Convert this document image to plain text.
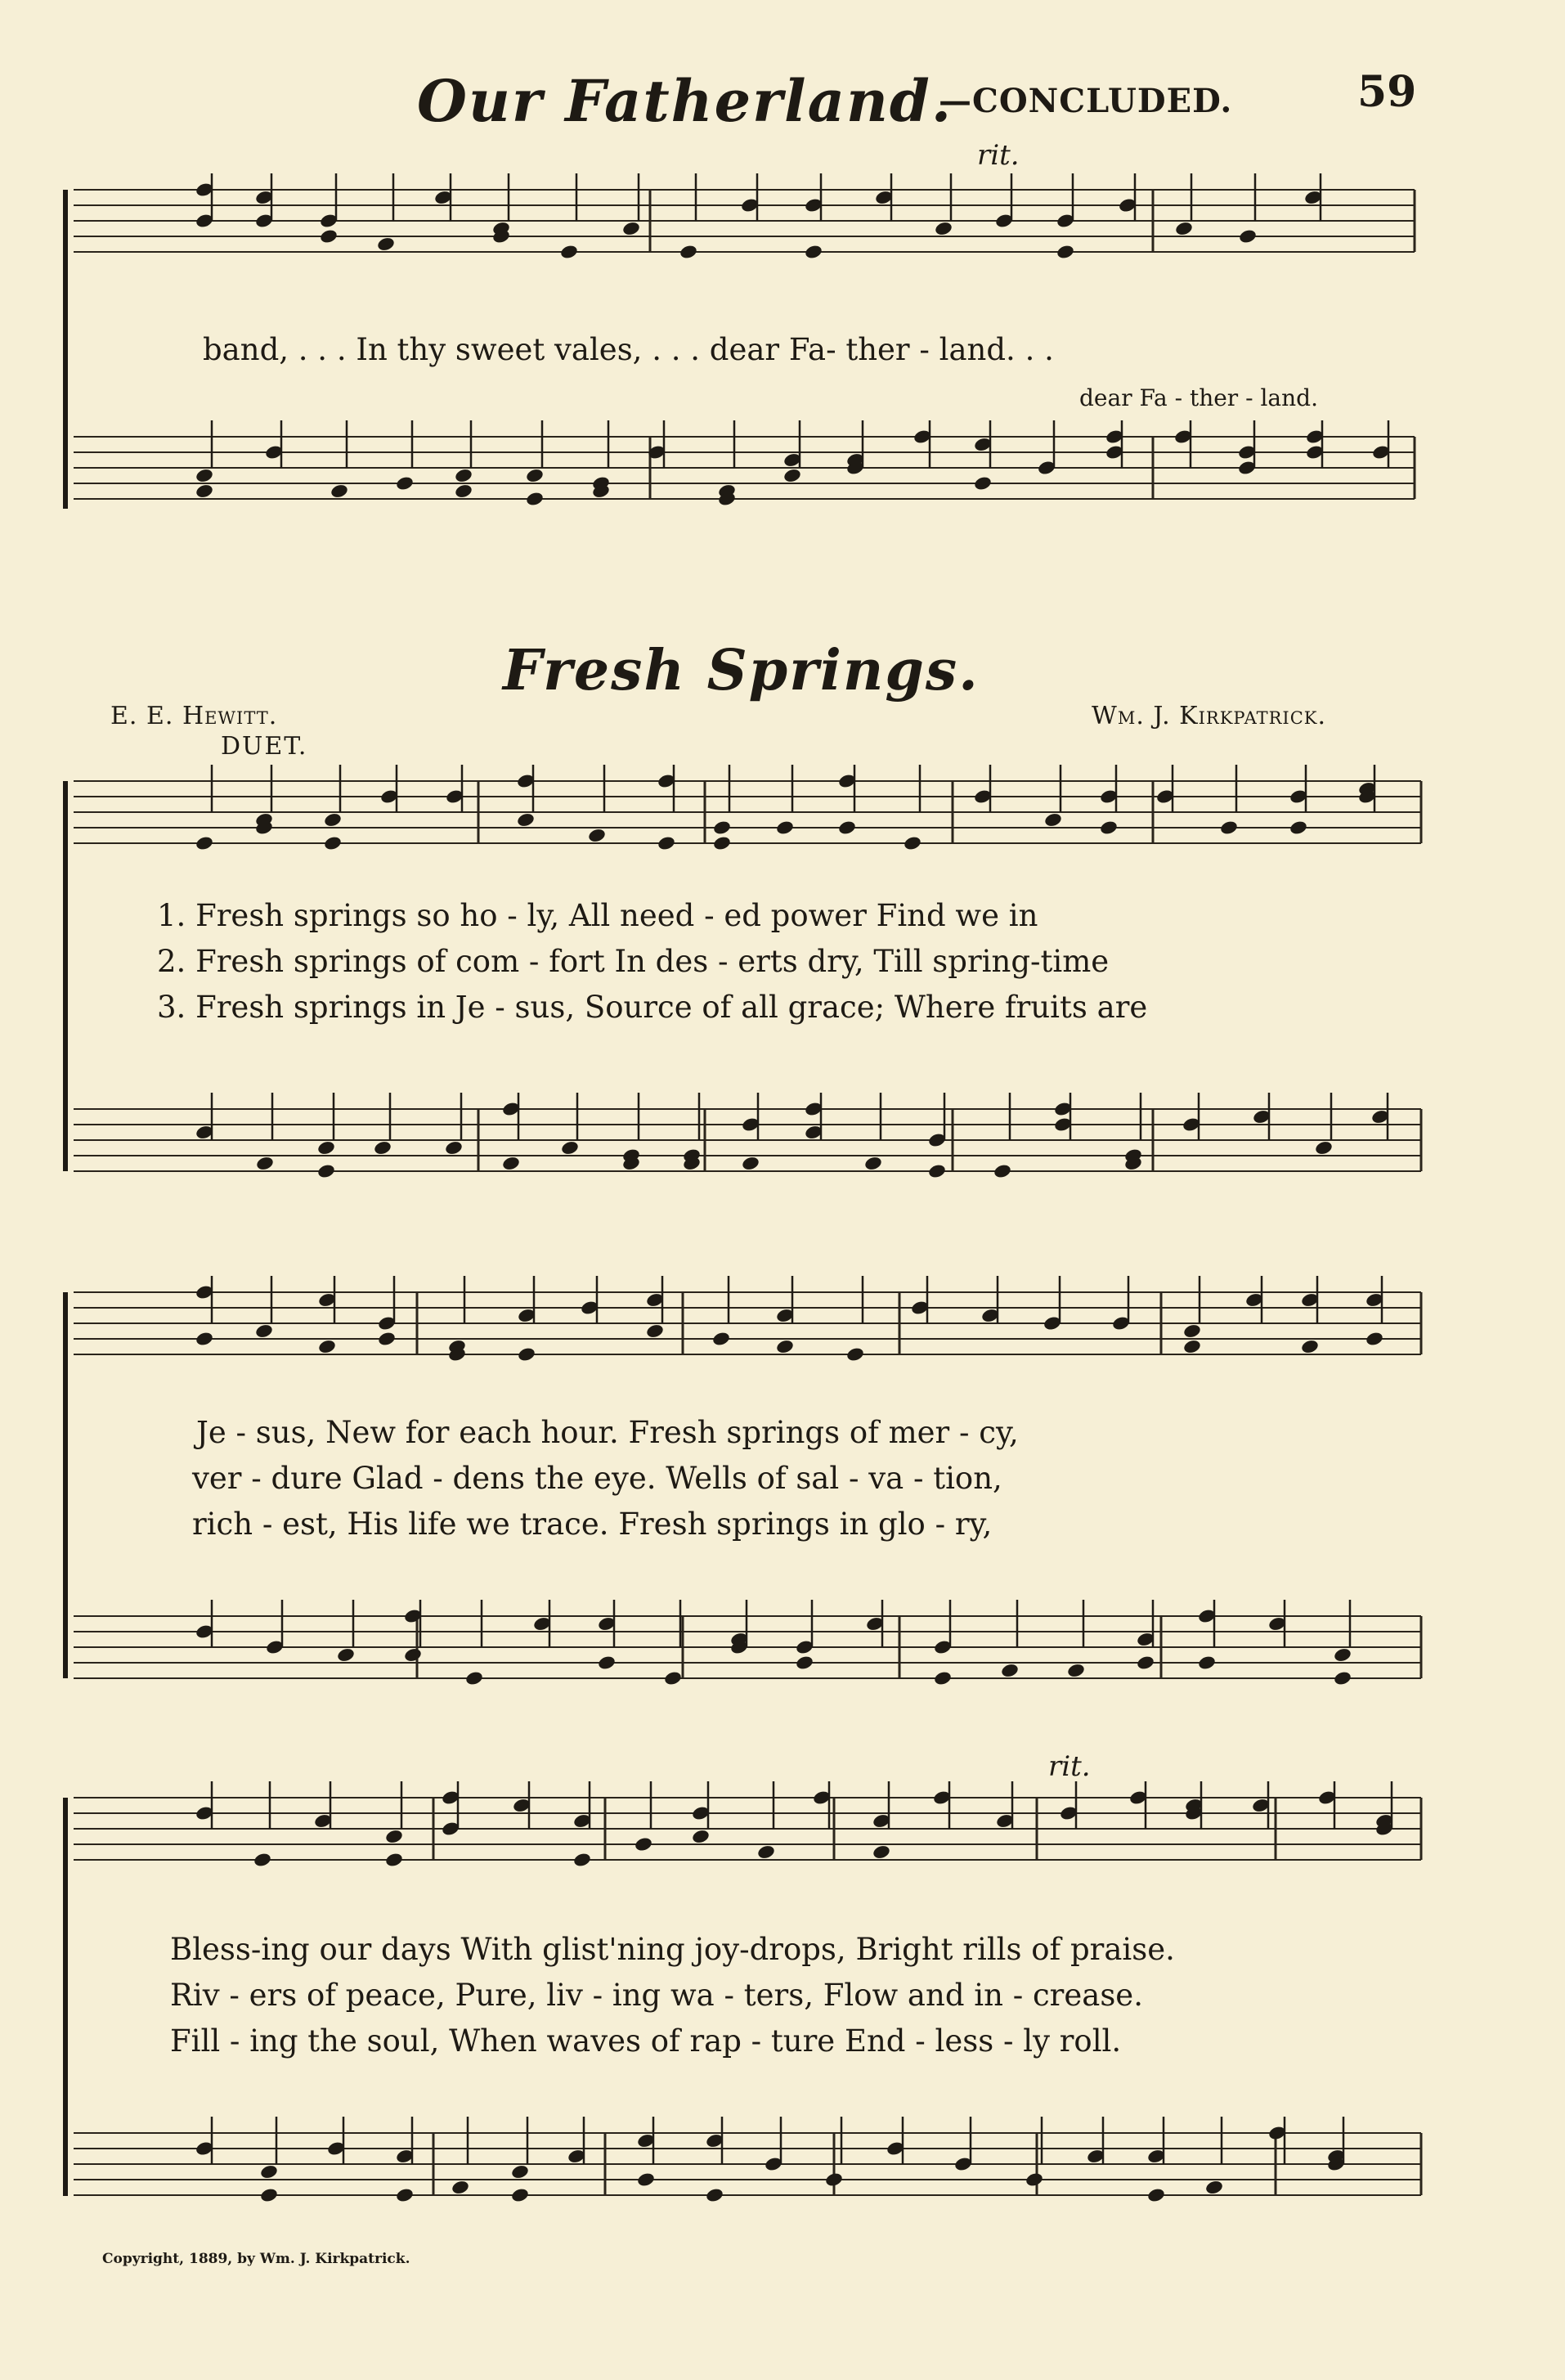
Our Fatherland.
—CONCLUDED.	59
rit.
band, . . . In thy sweet vales, . . . dear Fa- ther - land. . .
dear Fa - ther - land.
Fresh Springs.
E. E. Hewitt.	Wm. J. Kirkpatrick.
DUET.
1. Fresh springs so ho - ly, All need - ed power Find we in
2. Fresh springs of com - fort In des - erts dry, Till spring-time
3. Fresh springs in Je - sus, Source of all grace; Where fruits are
Je - sus, New for each hour. Fresh springs of mer - cy,
ver - dure Glad - dens the eye. Wells of sal - va - tion,
rich - est, His life we trace. Fresh springs in glo - ry,
rit.
Bless-ing our days With glist'ning joy-drops, Bright rills of praise.
Riv - ers of peace, Pure, liv - ing wa - ters, Flow and in - crease.
Fill - ing the soul, When waves of rap - ture End - less - ly roll.
Copyright, 1889, by Wm. J. Kirkpatrick.
